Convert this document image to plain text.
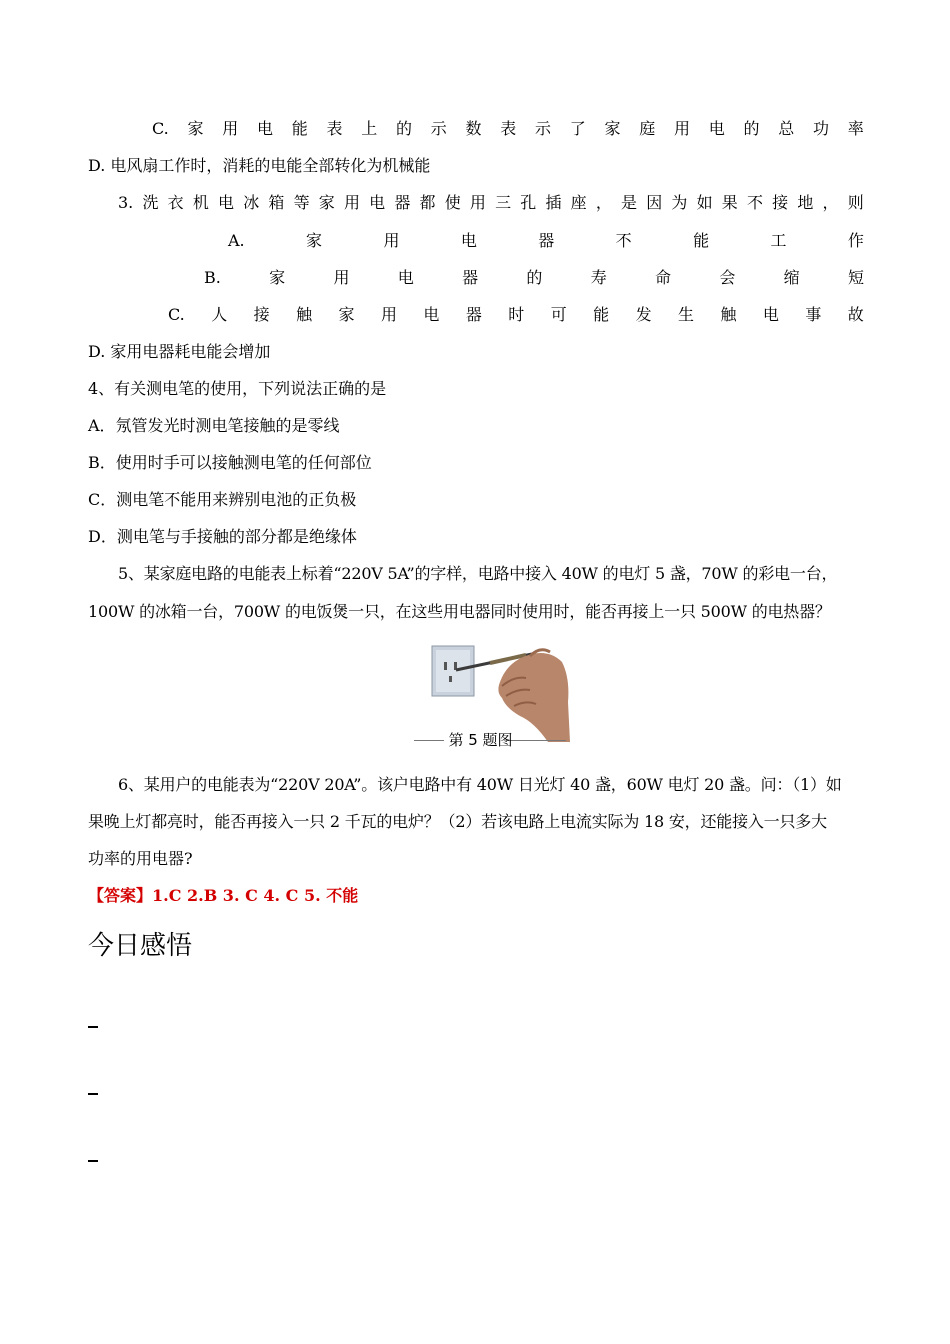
C. 家 用 电 能 表 上 的 示 数 表 示 了 家 庭 用 电 的 总 功 率
D. 电风扇工作时，消耗的电能全部转化为机械能
3. 洗 衣 机 电 冰 箱 等 家 用 电 器 都 使 用 三 孔 插 座 ， 是 因 为 如 果 不 接 地 ， 则
A.	家	用	电	器	不	能	工	作
B.	家	用	电	器	的	寿	命	会	缩	短
C. 人 接 触 家 用 电 器 时 可 能 发 生 触 电 事 故
D. 家用电器耗电能会增加
4、有关测电笔的使用，下列说法正确的是
A．氖管发光时测电笔接触的是零线
B．使用时手可以接触测电笔的任何部位
C．测电笔不能用来辨别电池的正负极
D．测电笔与手接触的部分都是绝缘体
5、某家庭电路的电能表上标着“220V 5A”的字样，电路中接入 40W 的电灯 5 盏，70W 的彩电一台，
100W 的冰箱一台，700W 的电饭煲一只，在这些用电器同时使用时，能否再接上一只 500W 的电热器？
第 5 题图
6、某用户的电能表为“220V 20A”。该户电路中有 40W 日光灯 40 盏，60W 电灯 20 盏。问：（1）如
果晚上灯都亮时，能否再接入一只 2 千瓦的电炉？（2）若该电路上电流实际为 18 安，还能接入一只多大
功率的用电器?
【答案】1.C 2.B 3. C 4. C 5. 不能
今日感悟
